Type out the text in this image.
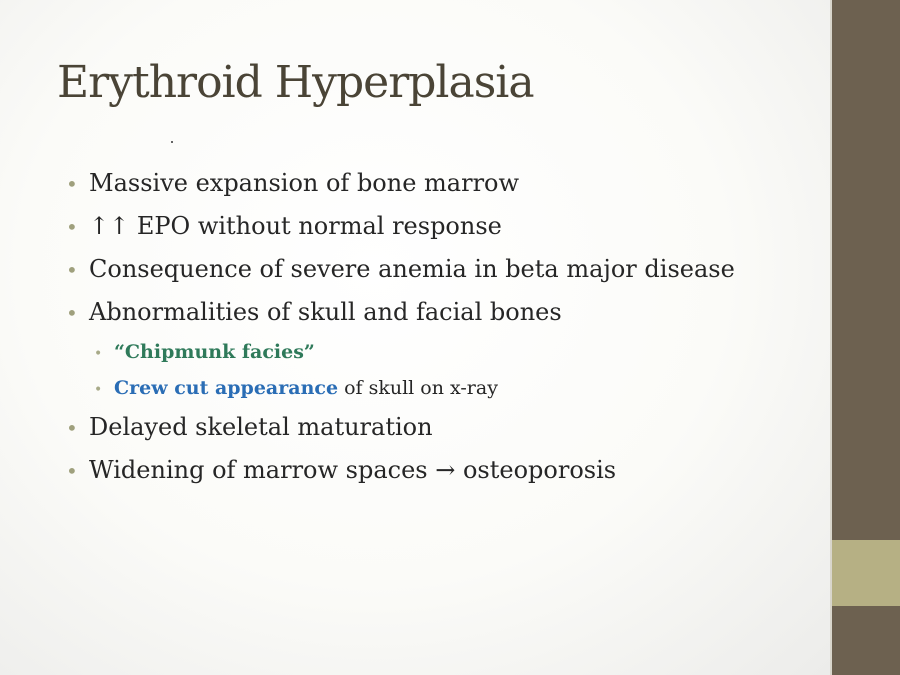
Erythroid Hyperplasia
• Massive expansion of bone marrow
• ↑↑ EPO without normal response
• Consequence of severe anemia in beta major disease
• Abnormalities of skull and facial bones
• “Chipmunk facies”
• Crew cut appearance of skull on x-ray
• Delayed skeletal maturation
• Widening of marrow spaces → osteoporosis
